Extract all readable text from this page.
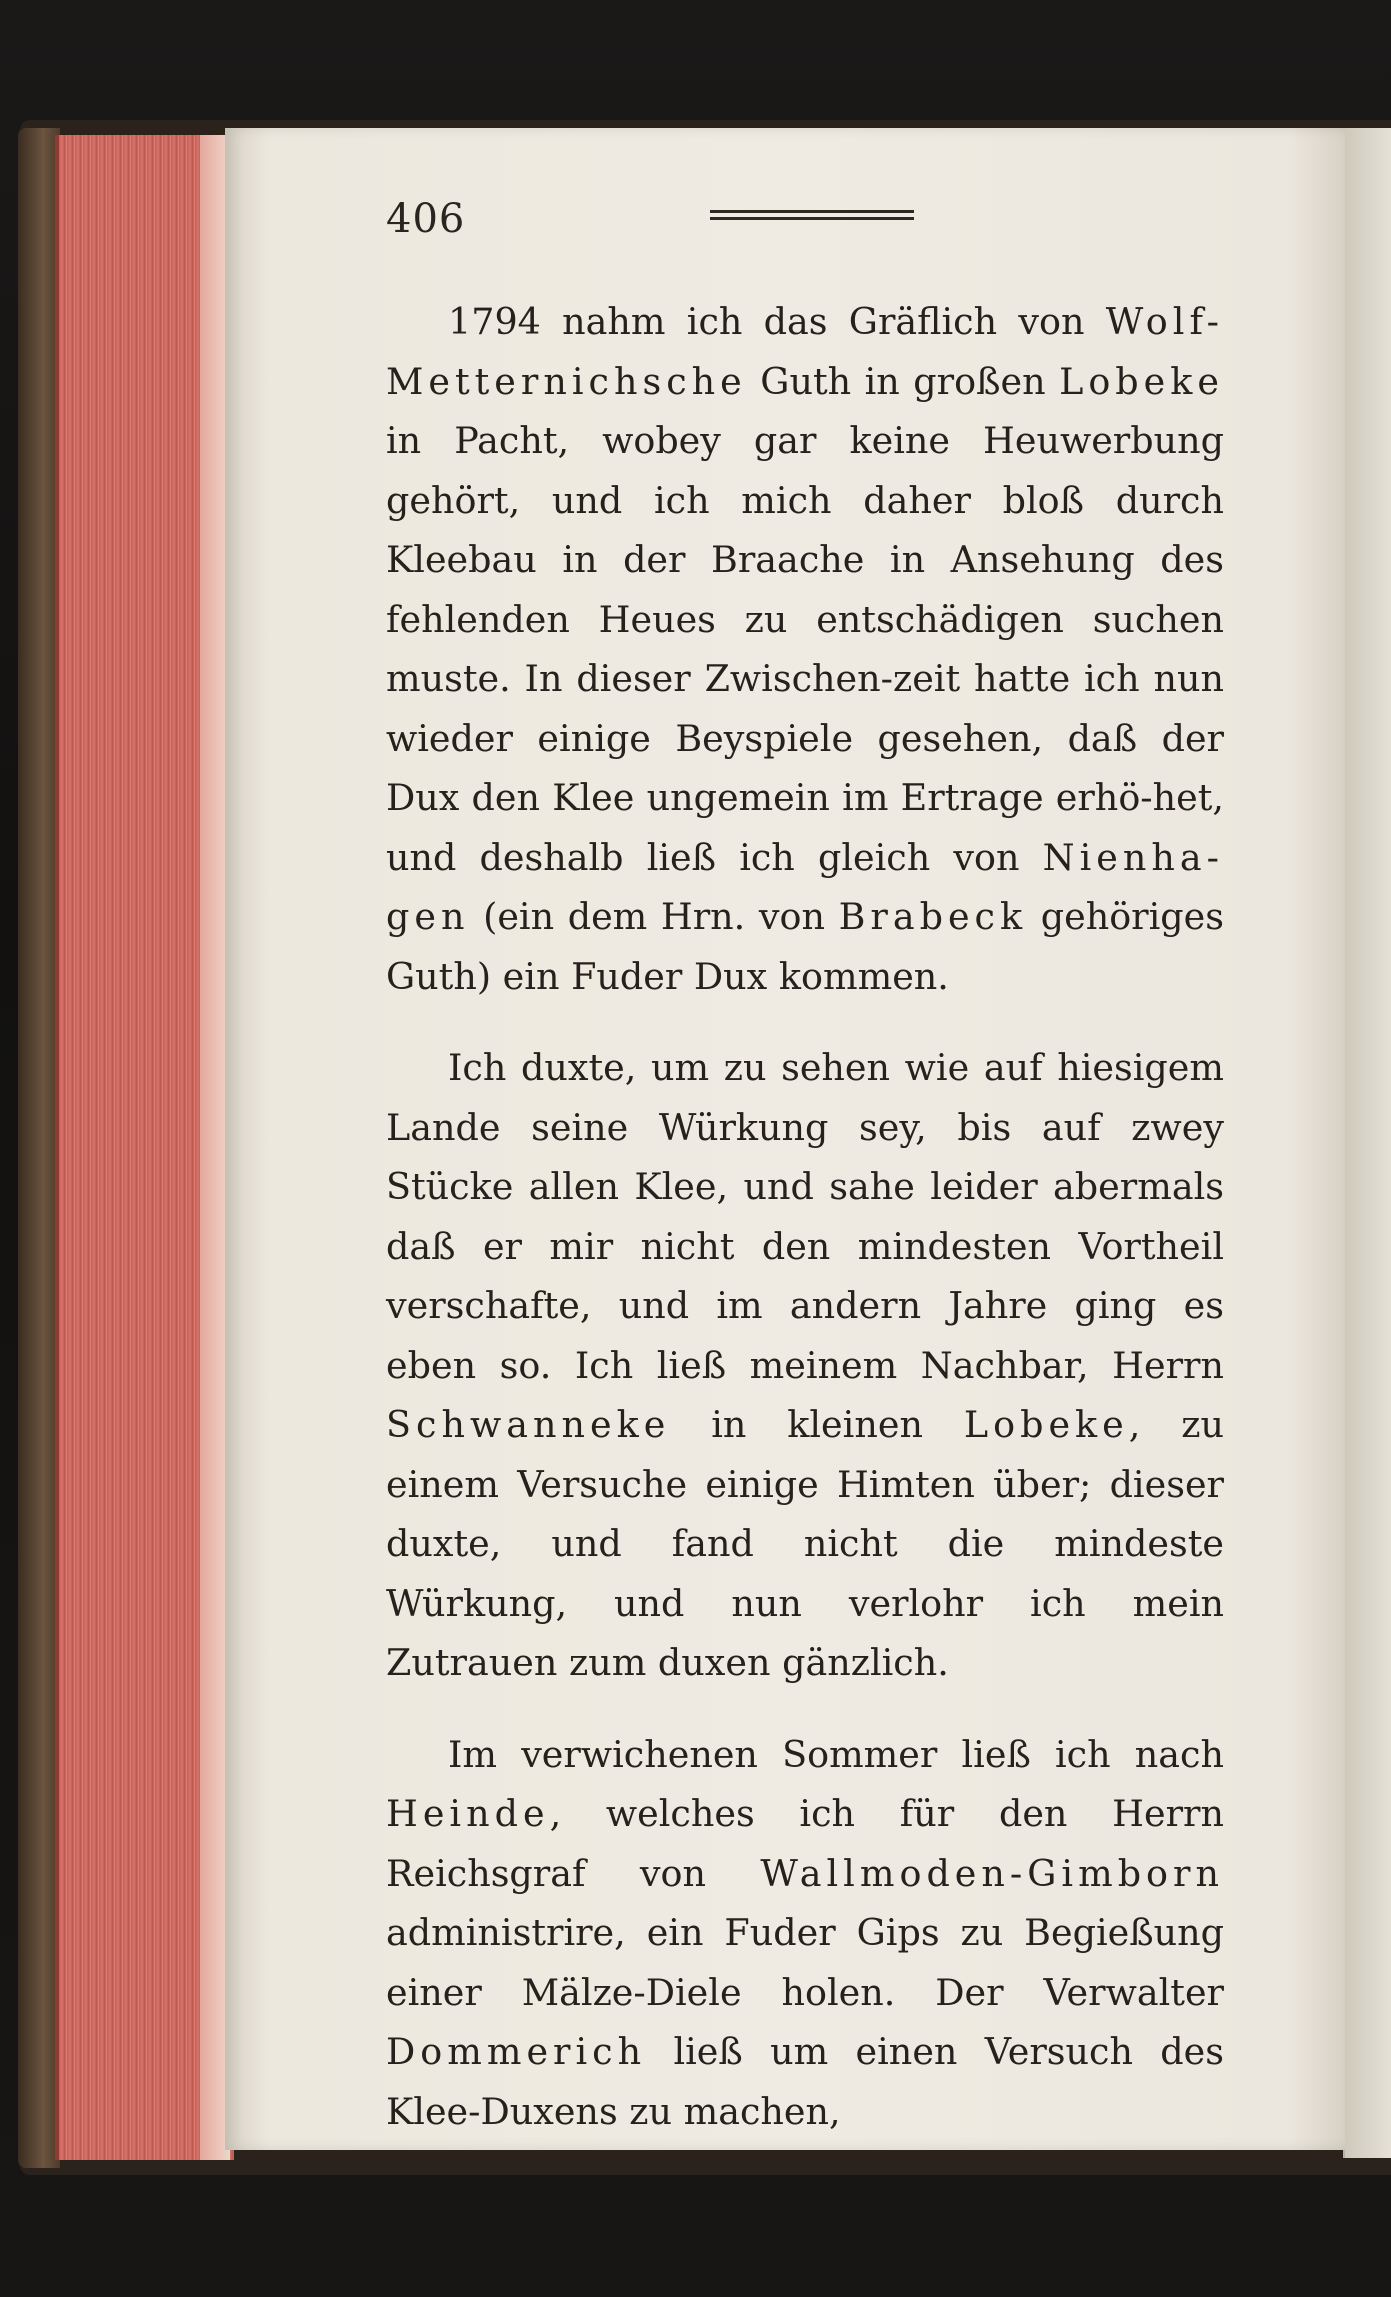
406

1794 nahm ich das Gräflich von Wolf- Metternichsche Guth in großen Lobeke in Pacht, wobey gar keine Heuwerbung gehört, und ich mich daher bloß durch Kleebau in der Braache in Ansehung des fehlenden Heues zu entschädigen suchen muste. In dieser Zwischen-zeit hatte ich nun wieder einige Beyspiele gesehen, daß der Dux den Klee ungemein im Ertrage erhö-het, und deshalb ließ ich gleich von Nienha-gen (ein dem Hrn. von Brabeck gehöriges Guth) ein Fuder Dux kommen.

Ich duxte, um zu sehen wie auf hiesigem Lande seine Würkung sey, bis auf zwey Stücke allen Klee, und sahe leider abermals daß er mir nicht den mindesten Vortheil verschafte, und im andern Jahre ging es eben so. Ich ließ meinem Nachbar, Herrn Schwanneke in kleinen Lobeke, zu einem Versuche einige Himten über; dieser duxte, und fand nicht die mindeste Würkung, und nun verlohr ich mein Zutrauen zum duxen gänzlich.

Im verwichenen Sommer ließ ich nach Heinde, welches ich für den Herrn Reichsgraf von Wallmoden-Gimborn administrire, ein Fuder Gips zu Begießung einer Mälze-Diele holen. Der Verwalter Dommerich ließ um einen Versuch des Klee-Duxens zu machen,
